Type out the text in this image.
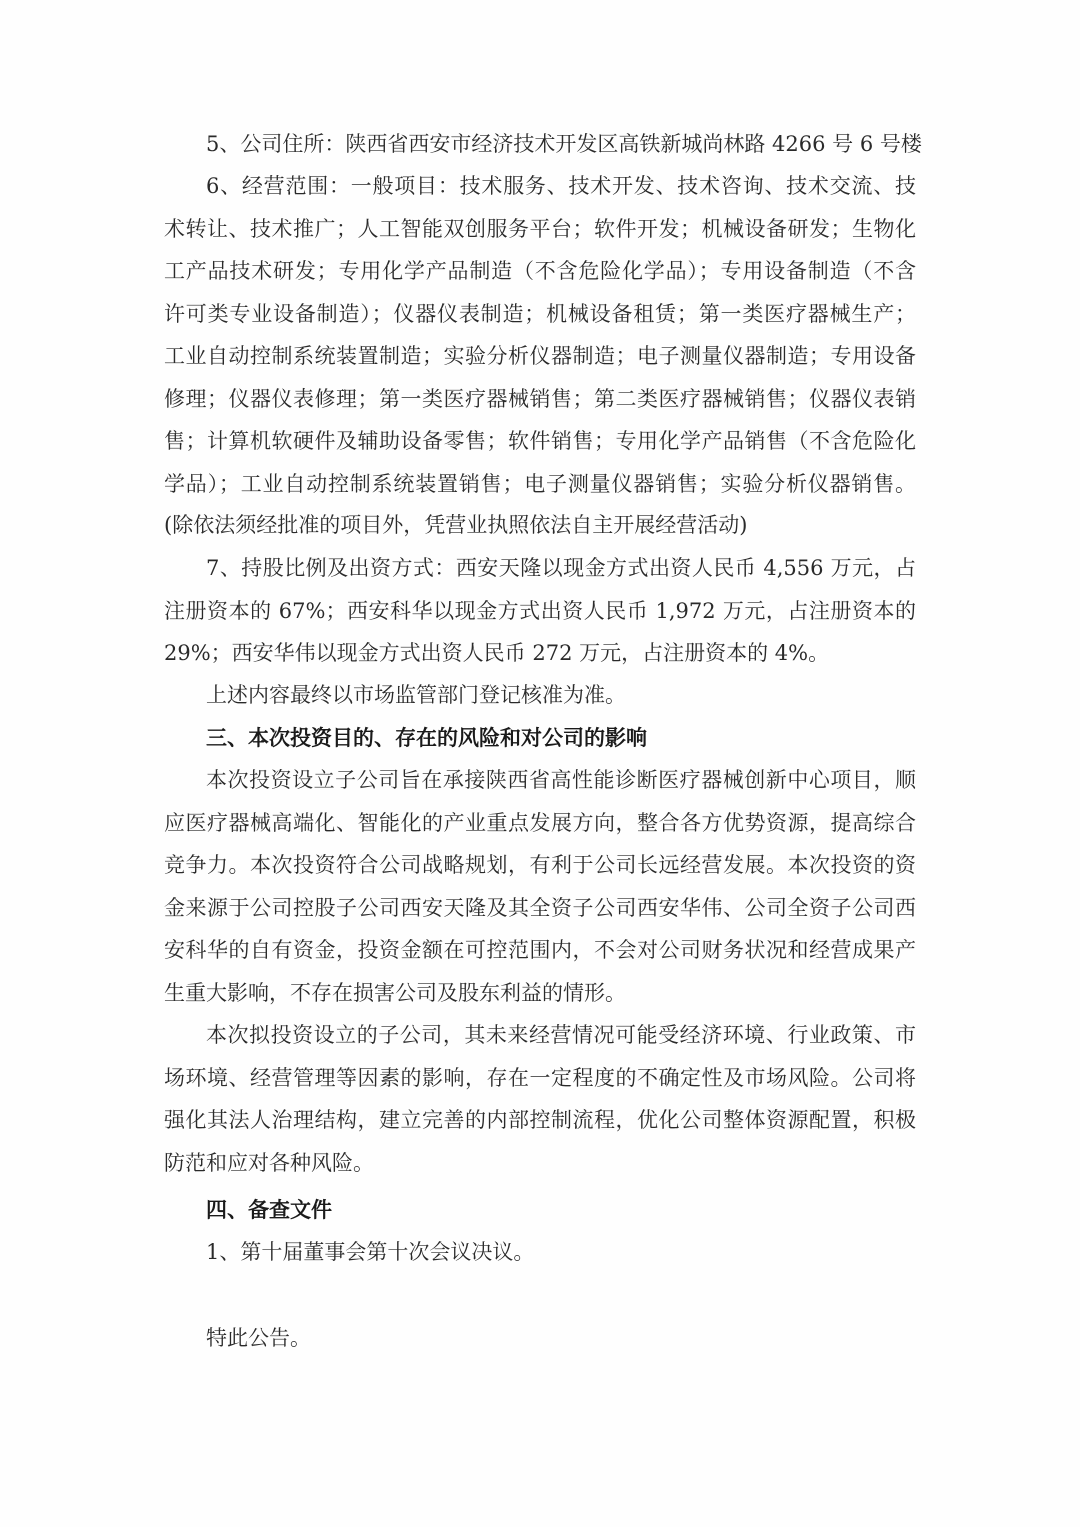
5、公司住所：陕西省西安市经济技术开发区高铁新城尚林路 4266 号 6 号楼
6、经营范围：一般项目：技术服务、技术开发、技术咨询、技术交流、技
术转让、技术推广；人工智能双创服务平台；软件开发；机械设备研发；生物化
工产品技术研发；专用化学产品制造（不含危险化学品）；专用设备制造（不含
许可类专业设备制造）；仪器仪表制造；机械设备租赁；第一类医疗器械生产；
工业自动控制系统装置制造；实验分析仪器制造；电子测量仪器制造；专用设备
修理；仪器仪表修理；第一类医疗器械销售；第二类医疗器械销售；仪器仪表销
售；计算机软硬件及辅助设备零售；软件销售；专用化学产品销售（不含危险化
学品）；工业自动控制系统装置销售；电子测量仪器销售；实验分析仪器销售。
(除依法须经批准的项目外，凭营业执照依法自主开展经营活动)
7、持股比例及出资方式：西安天隆以现金方式出资人民币 4,556 万元，占
注册资本的 67%；西安科华以现金方式出资人民币 1,972 万元，占注册资本的
29%；西安华伟以现金方式出资人民币 272 万元，占注册资本的 4%。
上述内容最终以市场监管部门登记核准为准。
三、本次投资目的、存在的风险和对公司的影响
本次投资设立子公司旨在承接陕西省高性能诊断医疗器械创新中心项目，顺
应医疗器械高端化、智能化的产业重点发展方向，整合各方优势资源，提高综合
竞争力。本次投资符合公司战略规划，有利于公司长远经营发展。本次投资的资
金来源于公司控股子公司西安天隆及其全资子公司西安华伟、公司全资子公司西
安科华的自有资金，投资金额在可控范围内，不会对公司财务状况和经营成果产
生重大影响，不存在损害公司及股东利益的情形。
本次拟投资设立的子公司，其未来经营情况可能受经济环境、行业政策、市
场环境、经营管理等因素的影响，存在一定程度的不确定性及市场风险。公司将
强化其法人治理结构，建立完善的内部控制流程，优化公司整体资源配置，积极
防范和应对各种风险。
四、备查文件
1、第十届董事会第十次会议决议。
特此公告。
